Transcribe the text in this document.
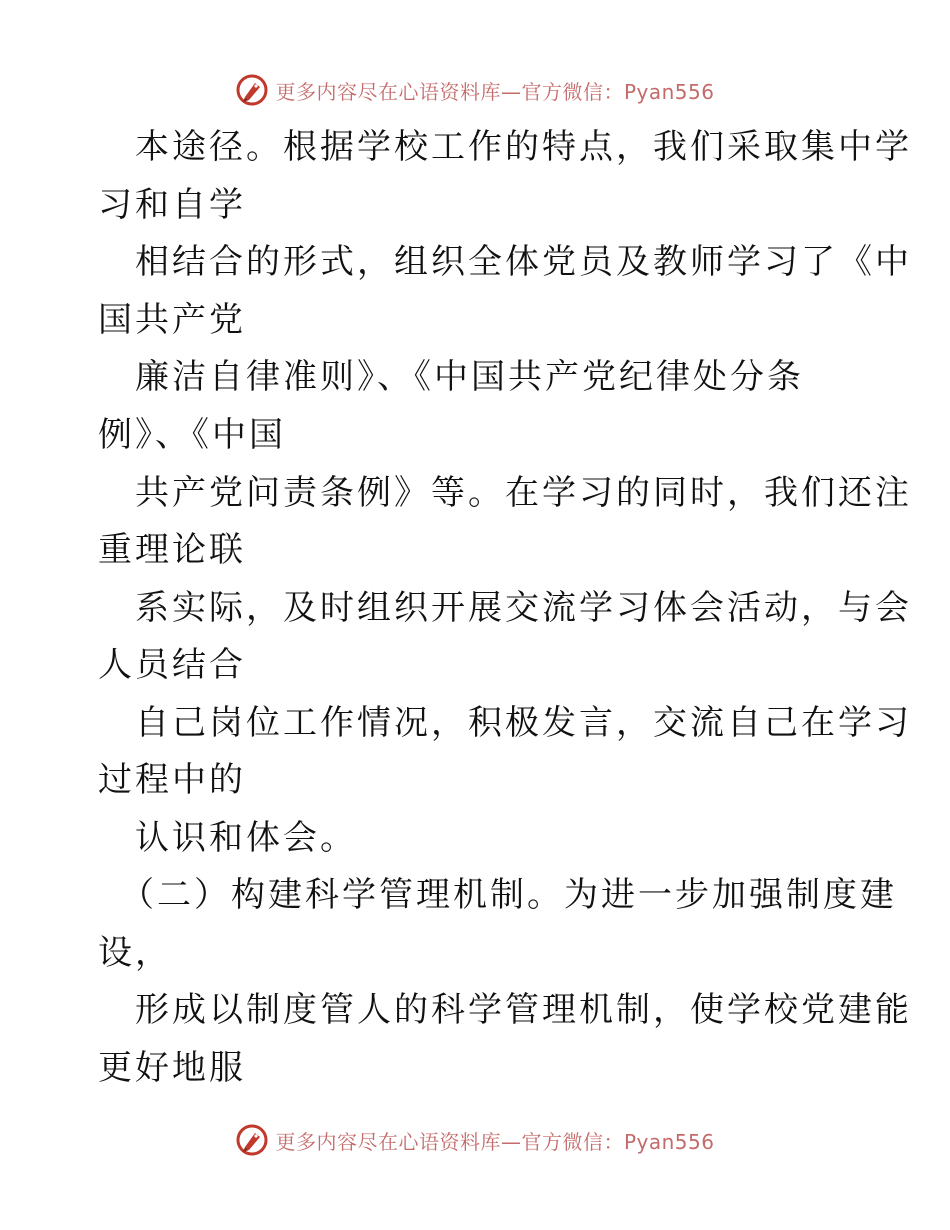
更多内容尽在心语资料库—官方微信：Pyan556
本途径。根据学校工作的特点，我们采取集中学
习和自学
相结合的形式，组织全体党员及教师学习了《中
国共产党
廉洁自律准则》、《中国共产党纪律处分条
例》、《中国
共产党问责条例》等。在学习的同时，我们还注
重理论联
系实际，及时组织开展交流学习体会活动，与会
人员结合
自己岗位工作情况，积极发言，交流自己在学习
过程中的
认识和体会。
（二）构建科学管理机制。为进一步加强制度建
设，
形成以制度管人的科学管理机制，使学校党建能
更好地服
更多内容尽在心语资料库—官方微信：Pyan556
